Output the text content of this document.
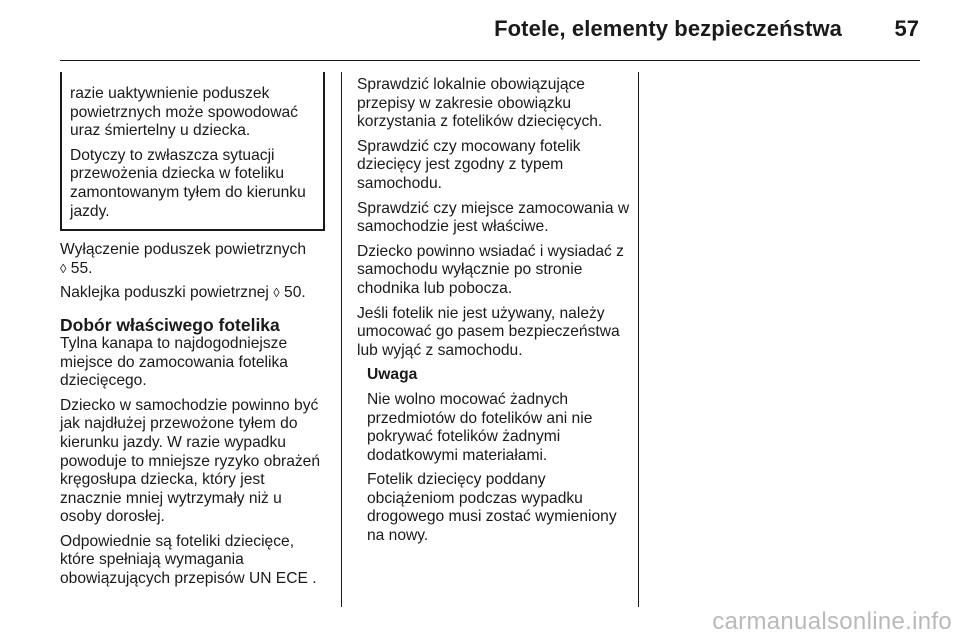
Fotele, elementy bezpieczeństwa 57

razie uaktywnienie poduszek powietrznych może spowodować uraz śmiertelny u dziecka.

Dotyczy to zwłaszcza sytuacji przewożenia dziecka w foteliku zamontowanym tyłem do kierunku jazdy.

Wyłączenie poduszek powietrznych
◊ 55.

Naklejka poduszki powietrznej ◊ 50.

Dobór właściwego fotelika

Tylna kanapa to najdogodniejsze miejsce do zamocowania fotelika dziecięcego.

Dziecko w samochodzie powinno być jak najdłużej przewożone tyłem do kierunku jazdy. W razie wypadku powoduje to mniejsze ryzyko obrażeń kręgosłupa dziecka, który jest znacznie mniej wytrzymały niż u osoby dorosłej.

Odpowiednie są foteliki dziecięce, które spełniają wymagania obowiązujących przepisów UN ECE .

Sprawdzić lokalnie obowiązujące przepisy w zakresie obowiązku korzystania z fotelików dziecięcych.

Sprawdzić czy mocowany fotelik dziecięcy jest zgodny z typem samochodu.

Sprawdzić czy miejsce zamocowania w samochodzie jest właściwe.

Dziecko powinno wsiadać i wysiadać z samochodu wyłącznie po stronie chodnika lub pobocza.

Jeśli fotelik nie jest używany, należy umocować go pasem bezpieczeństwa lub wyjąć z samochodu.

Uwaga

Nie wolno mocować żadnych przedmiotów do fotelików ani nie pokrywać fotelików żadnymi dodatkowymi materiałami.

Fotelik dziecięcy poddany obciążeniom podczas wypadku drogowego musi zostać wymieniony na nowy.

carmanualsonline.info
